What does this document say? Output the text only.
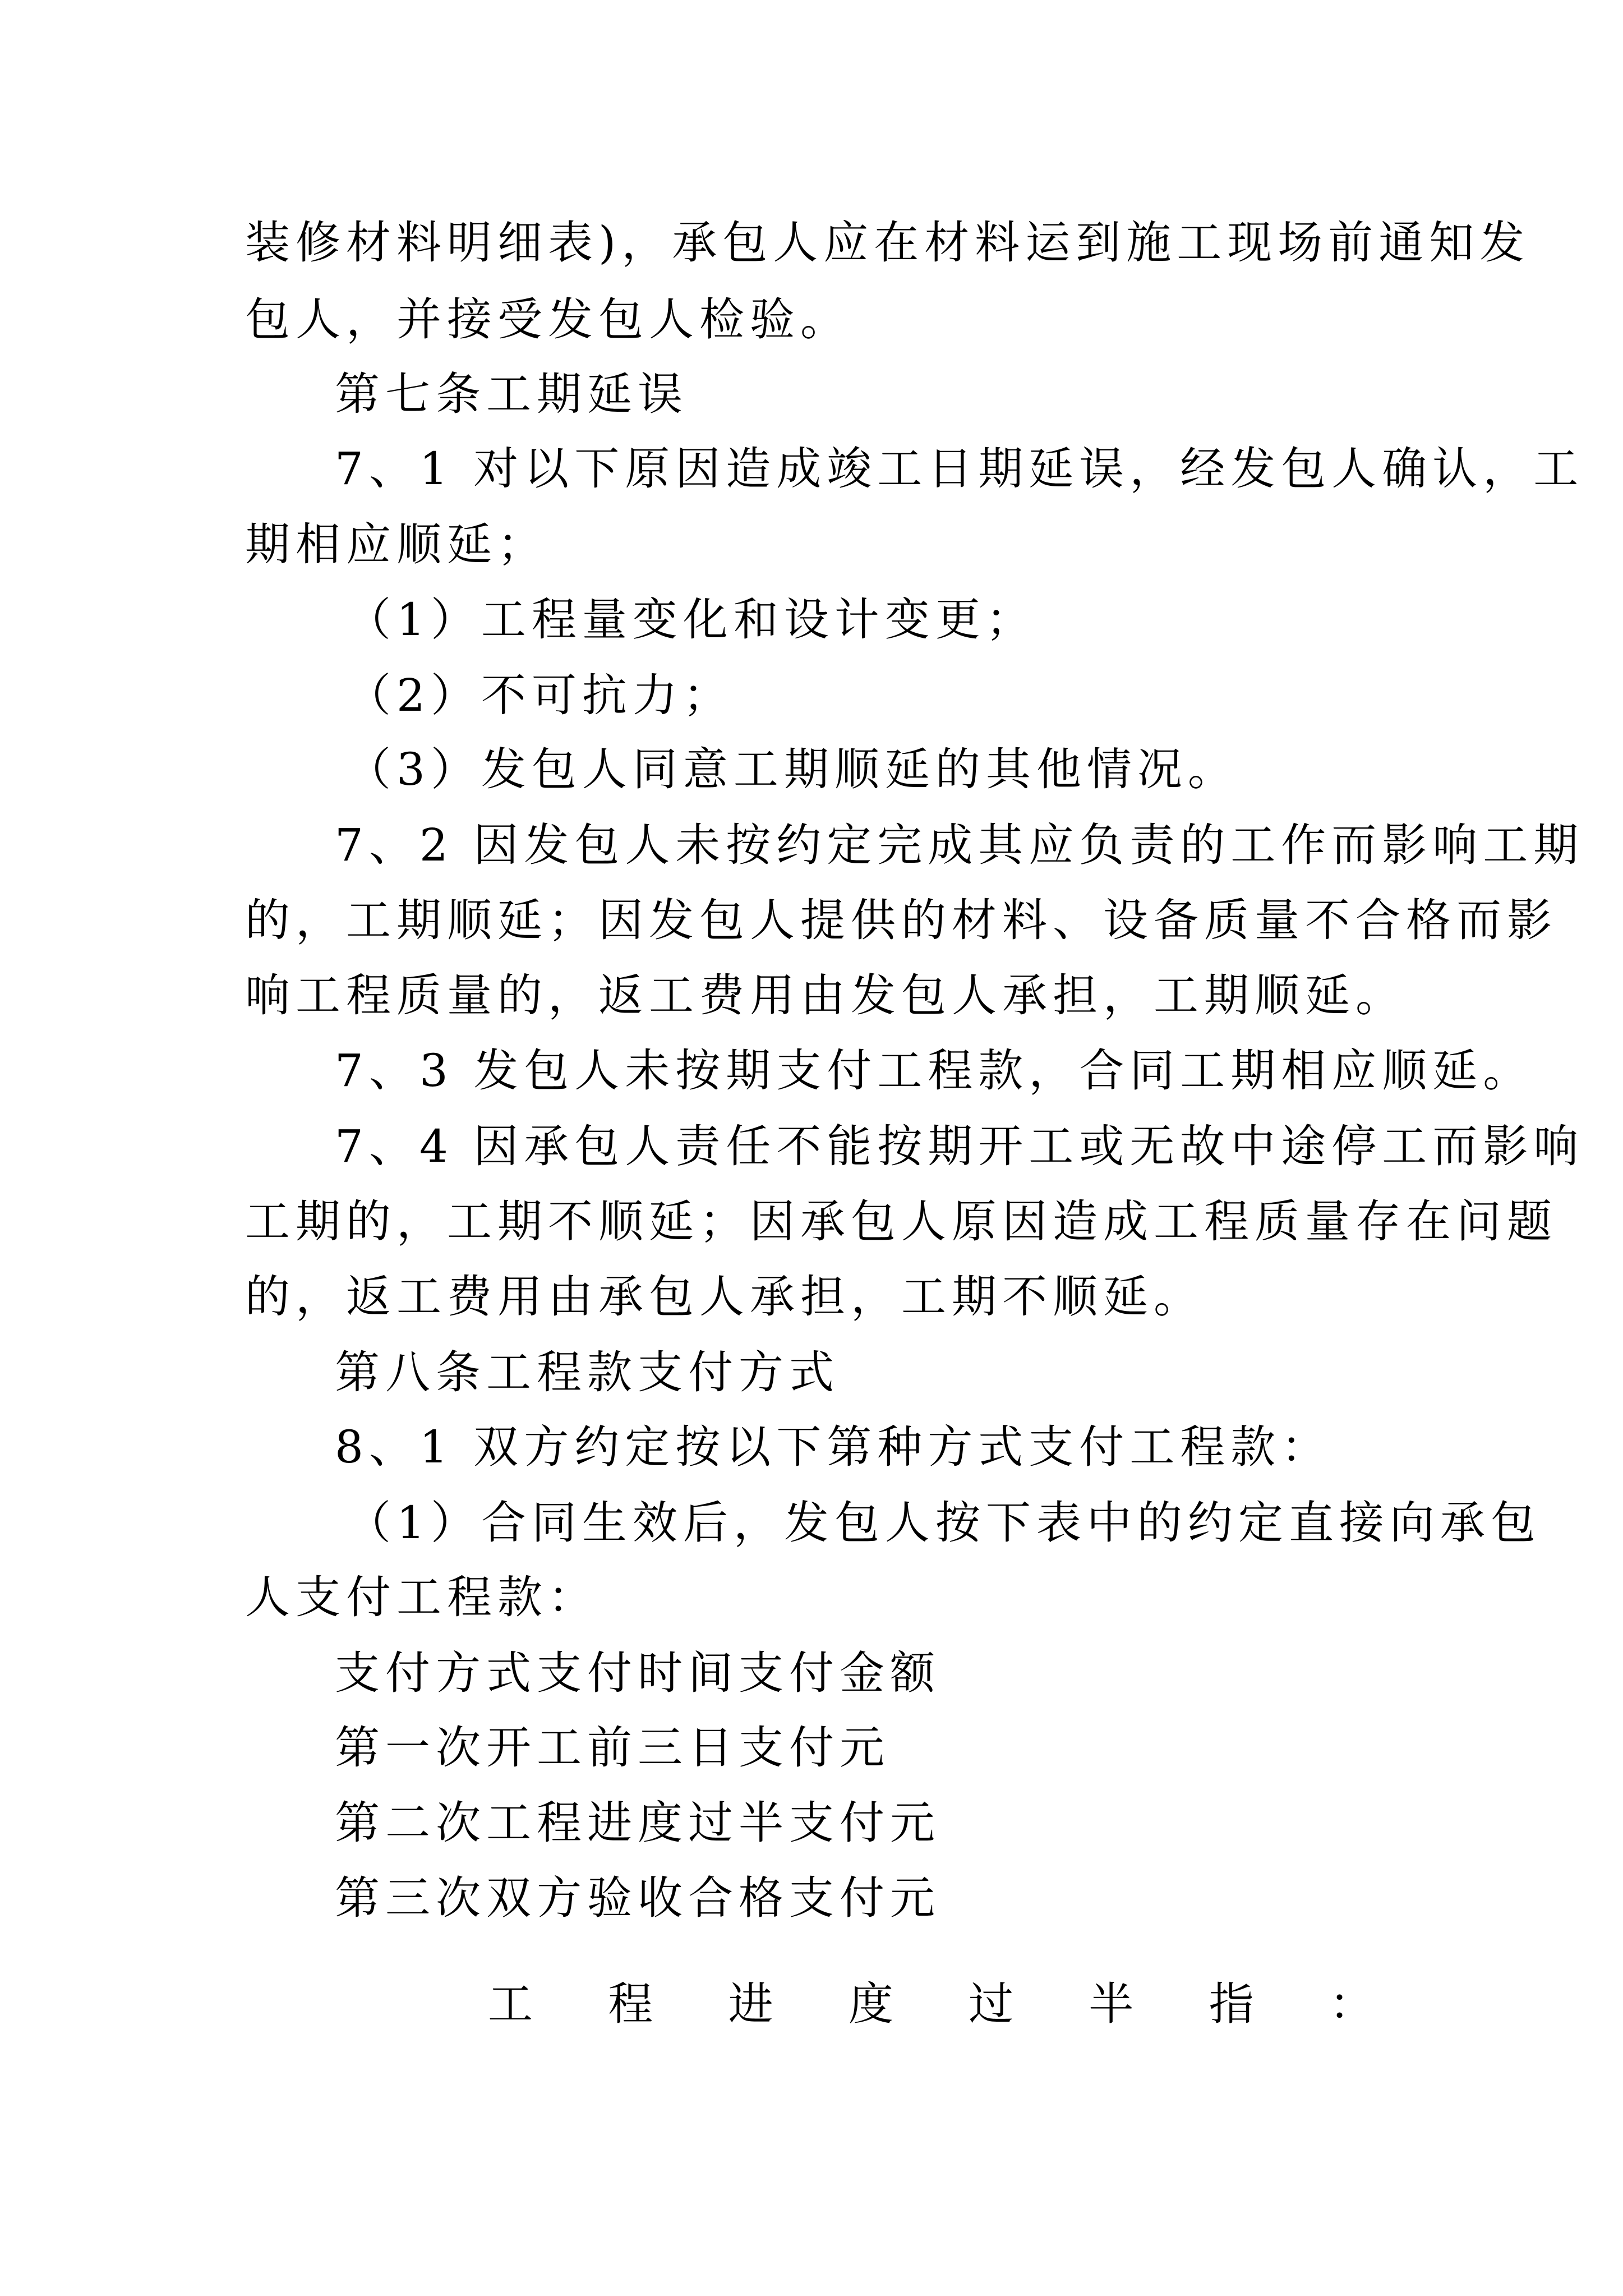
装修材料明细表)，承包人应在材料运到施工现场前通知发
包人，并接受发包人检验。
第七条工期延误
7、1 对以下原因造成竣工日期延误，经发包人确认，工
期相应顺延；
（1）工程量变化和设计变更；
（2）不可抗力；
（3）发包人同意工期顺延的其他情况。
7、2 因发包人未按约定完成其应负责的工作而影响工期
的，工期顺延；因发包人提供的材料、设备质量不合格而影
响工程质量的，返工费用由发包人承担，工期顺延。
7、3 发包人未按期支付工程款，合同工期相应顺延。
7、4 因承包人责任不能按期开工或无故中途停工而影响
工期的，工期不顺延；因承包人原因造成工程质量存在问题
的，返工费用由承包人承担，工期不顺延。
第八条工程款支付方式
8、1 双方约定按以下第种方式支付工程款：
（1）合同生效后，发包人按下表中的约定直接向承包
人支付工程款：
支付方式支付时间支付金额
第一次开工前三日支付元
第二次工程进度过半支付元
第三次双方验收合格支付元
工 程 进 度 过 半 指 ：
